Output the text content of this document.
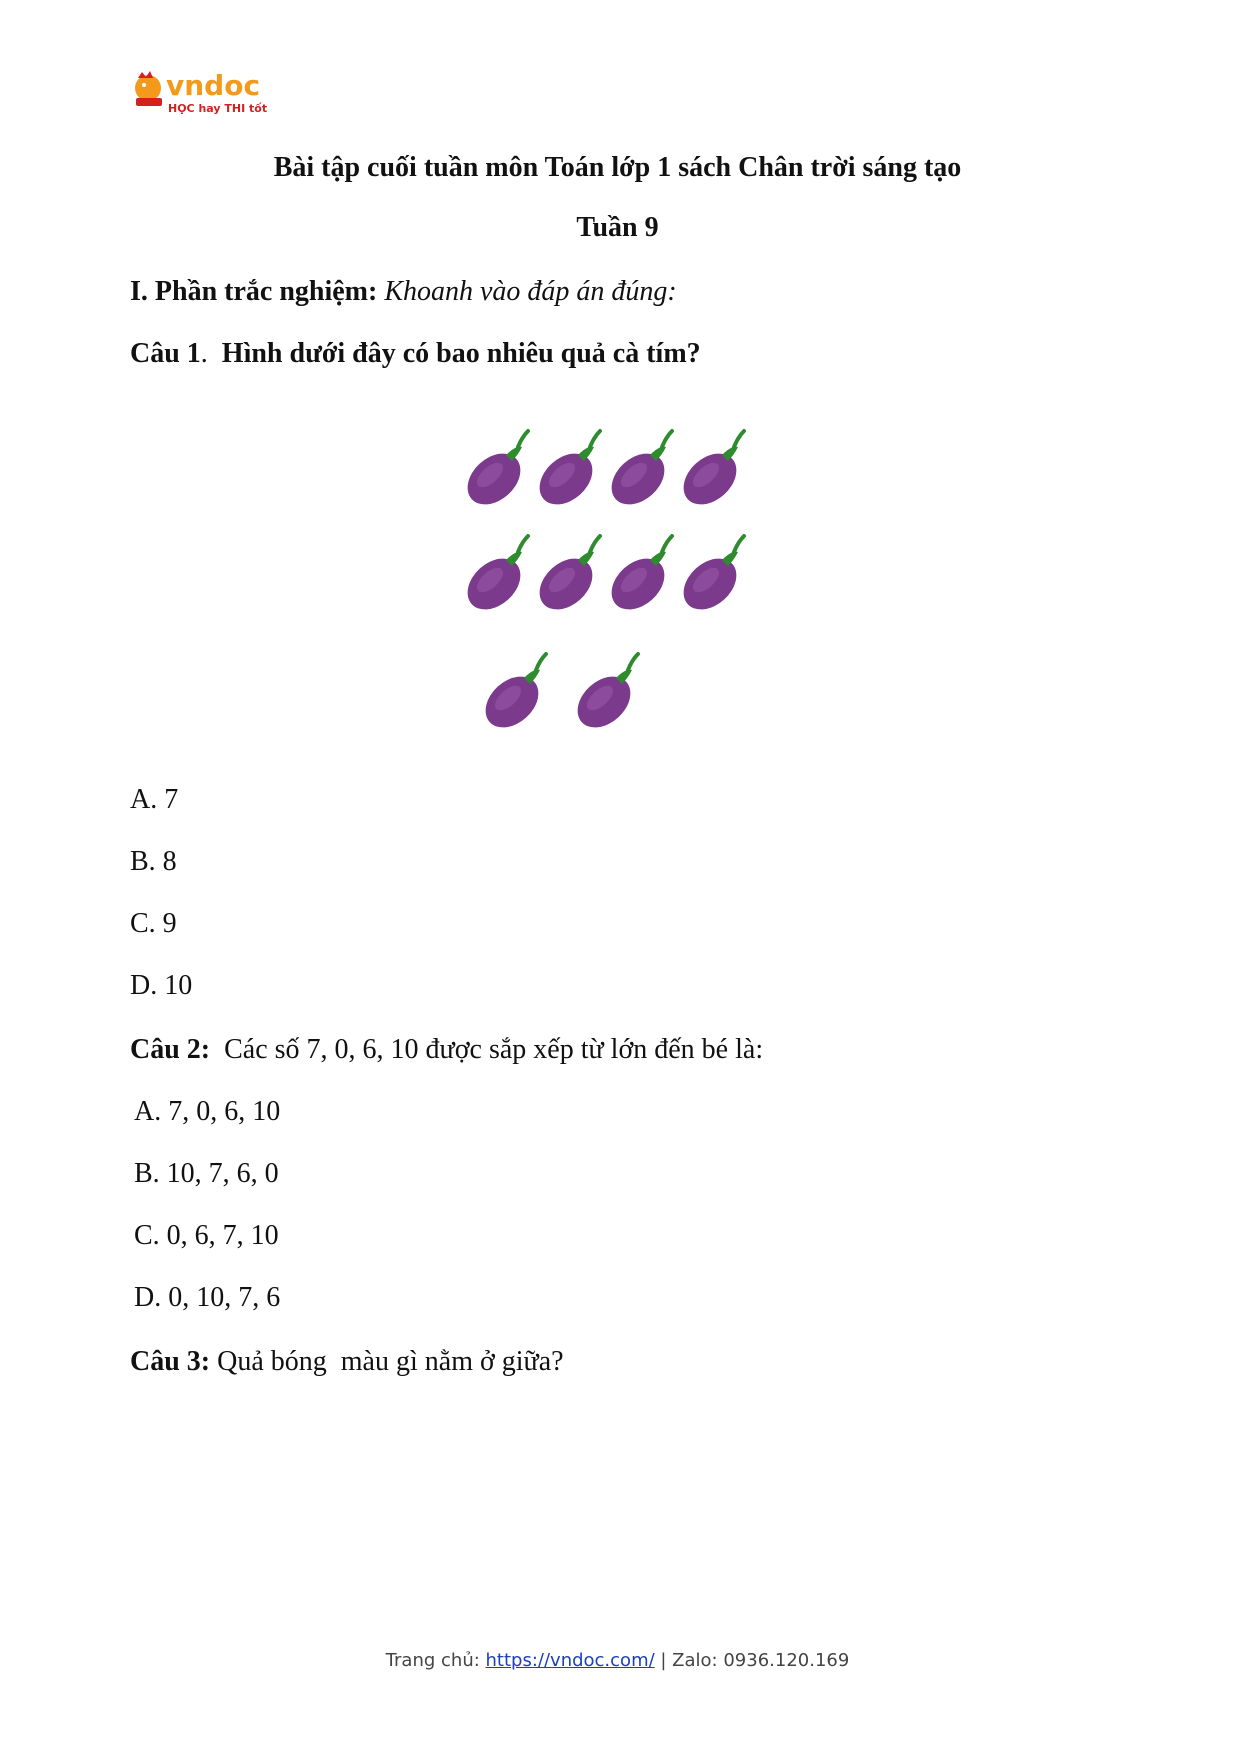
vndoc
HỌC hay THI tốt
Bài tập cuối tuần môn Toán lớp 1 sách Chân trời sáng tạo
Tuần 9
I. Phần trắc nghiệm: Khoanh vào đáp án đúng:
Câu 1.  Hình dưới đây có bao nhiêu quả cà tím?
A. 7
B. 8
C. 9
D. 10
Câu 2: Các số 7, 0, 6, 10 được sắp xếp từ lớn đến bé là:
A. 7, 0, 6, 10
B. 10, 7, 6, 0
C. 0, 6, 7, 10
D. 0, 10, 7, 6
Câu 3: Quả bóng  màu gì nằm ở giữa?
Trang chủ: https://vndoc.com/ | Zalo: 0936.120.169
